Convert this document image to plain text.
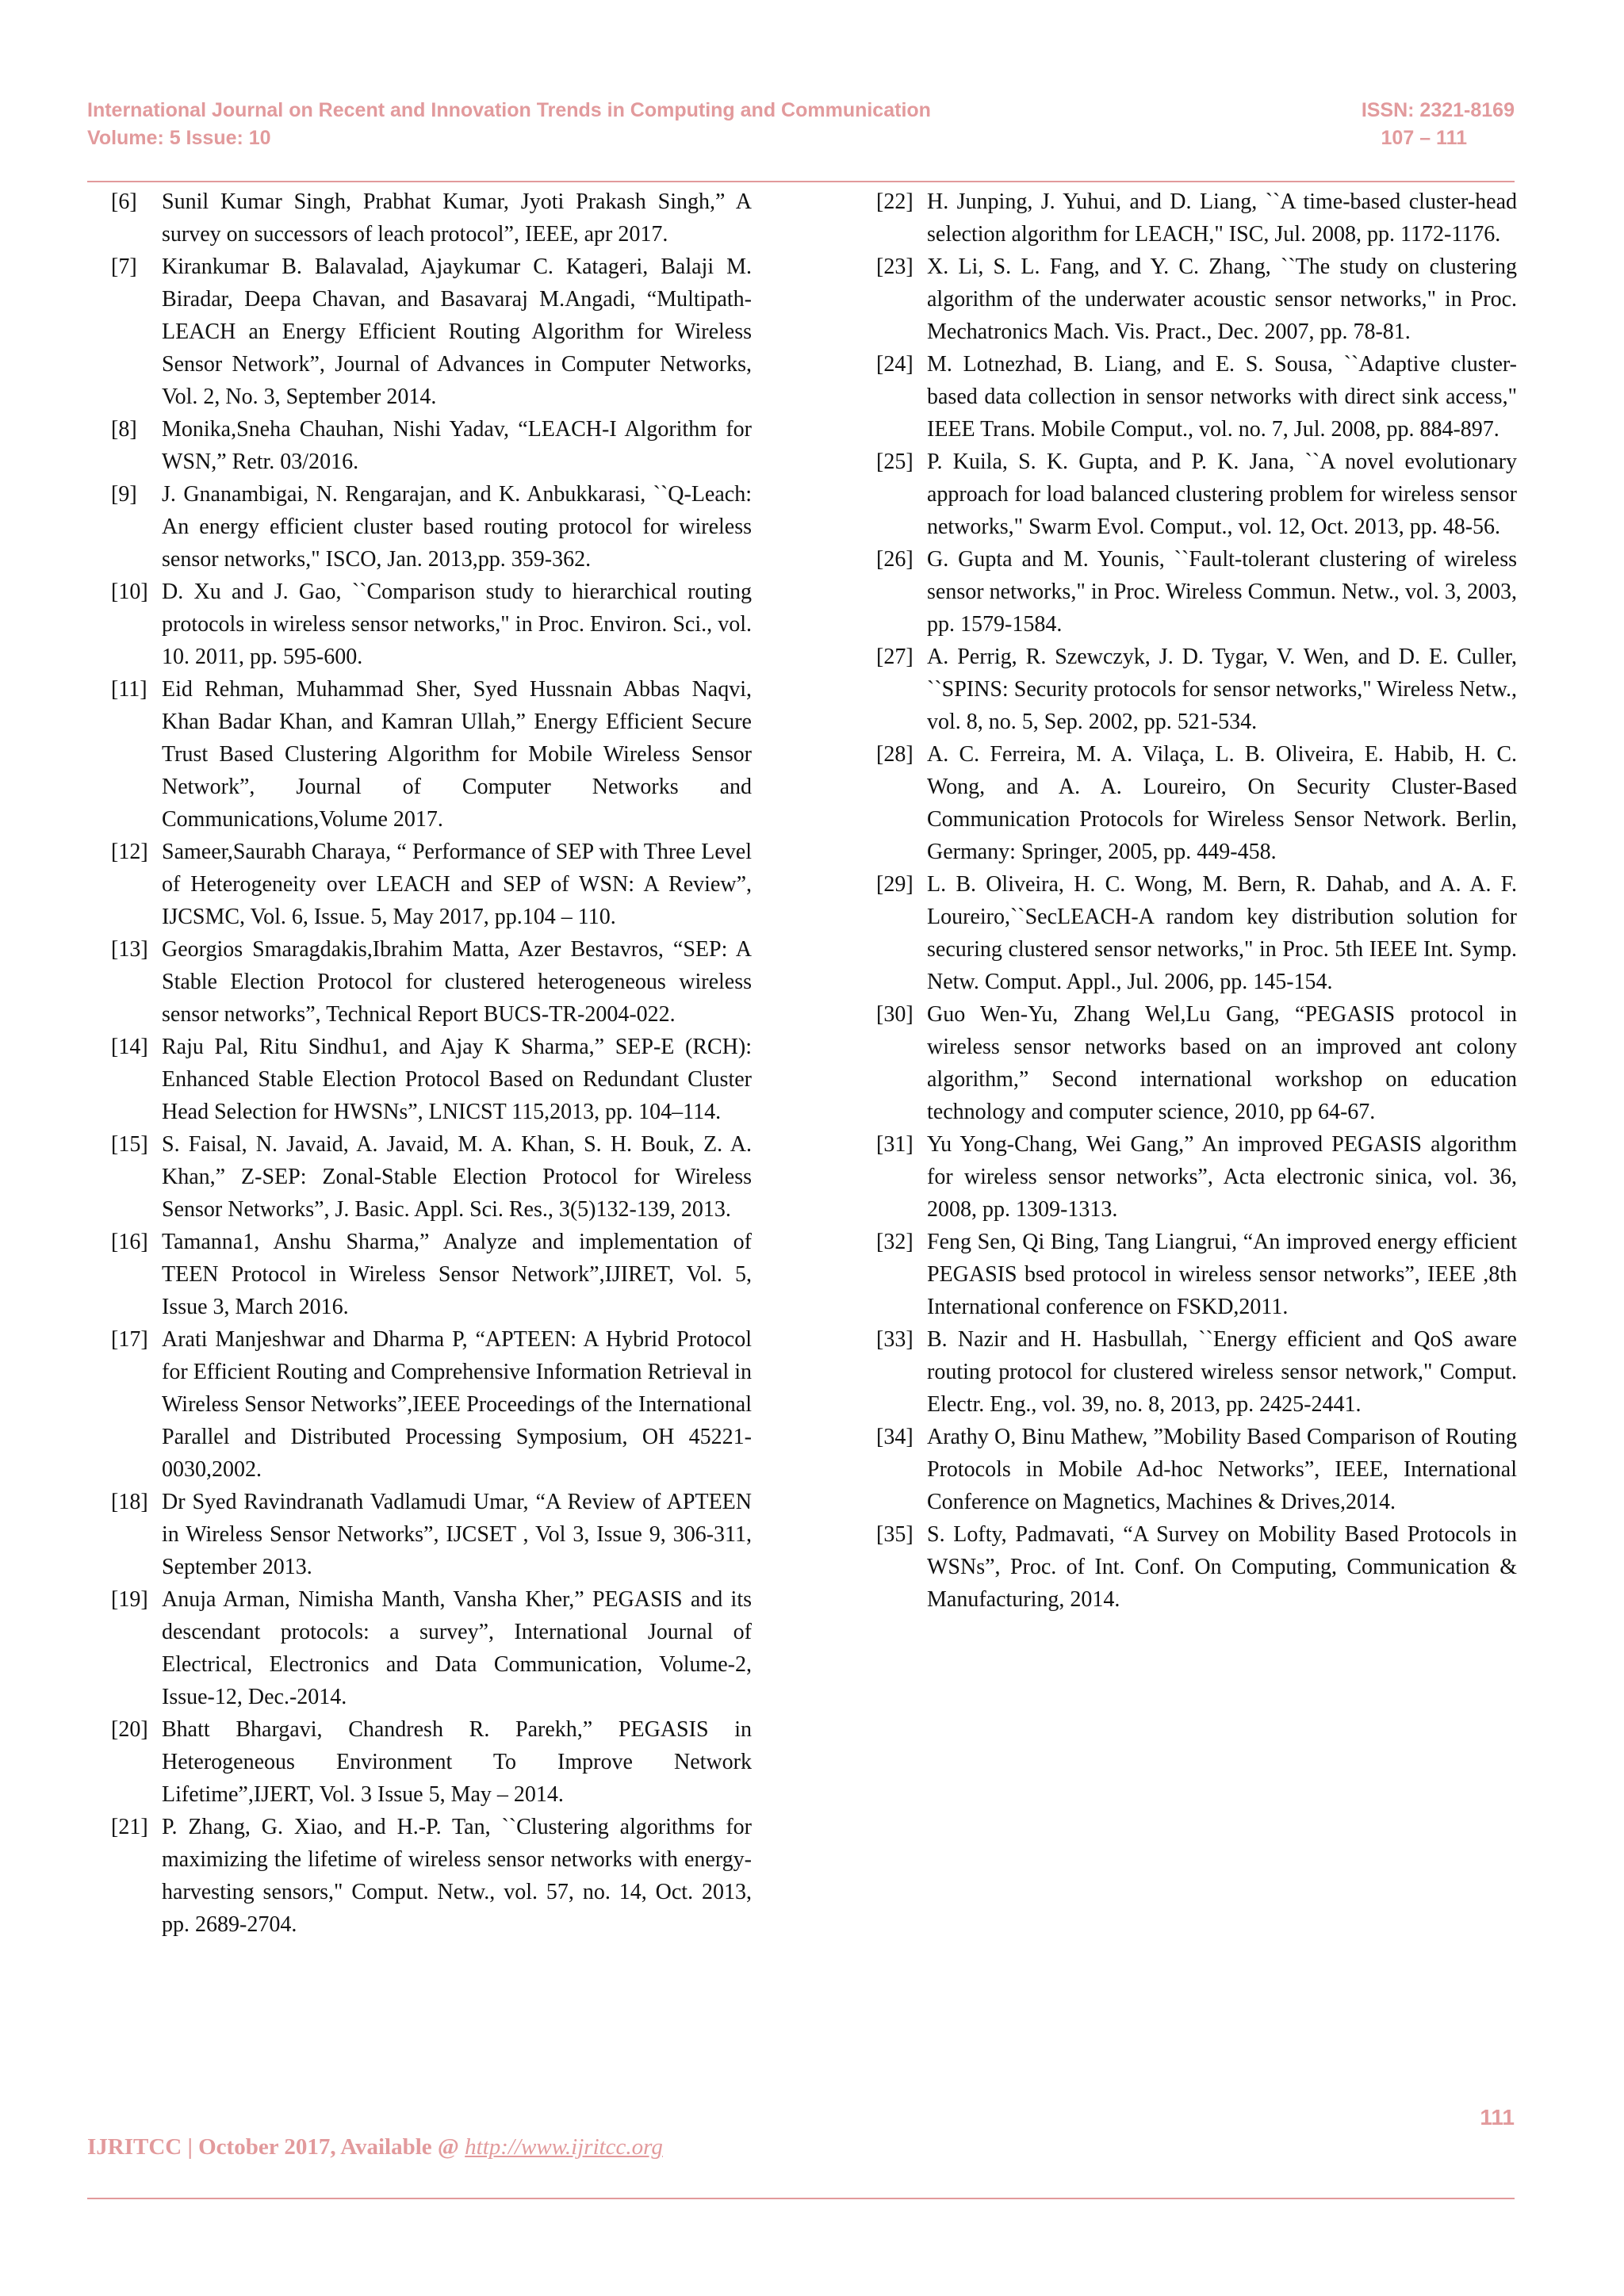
International Journal on Recent and Innovation Trends in Computing and Communication
Volume: 5 Issue: 10
ISSN: 2321-8169
107 – 111
[6] Sunil Kumar Singh, Prabhat Kumar, Jyoti Prakash Singh,” A survey on successors of leach protocol”, IEEE, apr 2017.
[7] Kirankumar B. Balavalad, Ajaykumar C. Katageri, Balaji M. Biradar, Deepa Chavan, and Basavaraj M.Angadi, “Multipath-LEACH an Energy Efficient Routing Algorithm for Wireless Sensor Network”, Journal of Advances in Computer Networks, Vol. 2, No. 3, September 2014.
[8] Monika,Sneha Chauhan, Nishi Yadav, “LEACH-I Algorithm for WSN,” Retr. 03/2016.
[9] J. Gnanambigai, N. Rengarajan, and K. Anbukkarasi, ``Q-Leach: An energy efficient cluster based routing protocol for wireless sensor networks," ISCO, Jan. 2013,pp. 359-362.
[10] D. Xu and J. Gao, ``Comparison study to hierarchical routing protocols in wireless sensor networks," in Proc. Environ. Sci., vol. 10. 2011, pp. 595-600.
[11] Eid Rehman, Muhammad Sher, Syed Hussnain Abbas Naqvi, Khan Badar Khan, and Kamran Ullah,” Energy Efficient Secure Trust Based Clustering Algorithm for Mobile Wireless Sensor Network”, Journal of Computer Networks and Communications,Volume 2017.
[12] Sameer,Saurabh Charaya, “ Performance of SEP with Three Level of Heterogeneity over LEACH and SEP of WSN: A Review”, IJCSMC, Vol. 6, Issue. 5, May 2017, pp.104 – 110.
[13] Georgios Smaragdakis,Ibrahim Matta, Azer Bestavros, “SEP: A Stable Election Protocol for clustered heterogeneous wireless sensor networks”, Technical Report BUCS-TR-2004-022.
[14] Raju Pal, Ritu Sindhu1, and Ajay K Sharma,” SEP-E (RCH): Enhanced Stable Election Protocol Based on Redundant Cluster Head Selection for HWSNs”, LNICST 115,2013, pp. 104–114.
[15] S. Faisal, N. Javaid, A. Javaid, M. A. Khan, S. H. Bouk, Z. A. Khan,” Z-SEP: Zonal-Stable Election Protocol for Wireless Sensor Networks”, J. Basic. Appl. Sci. Res., 3(5)132-139, 2013.
[16] Tamanna1, Anshu Sharma,” Analyze and implementation of TEEN Protocol in Wireless Sensor Network”,IJIRET, Vol. 5, Issue 3, March 2016.
[17] Arati Manjeshwar and Dharma P, “APTEEN: A Hybrid Protocol for Efficient Routing and Comprehensive Information Retrieval in Wireless Sensor Networks”,IEEE Proceedings of the International Parallel and Distributed Processing Symposium, OH 45221-0030,2002.
[18] Dr Syed Ravindranath Vadlamudi Umar, “A Review of APTEEN in Wireless Sensor Networks”, IJCSET , Vol 3, Issue 9, 306-311, September 2013.
[19] Anuja Arman, Nimisha Manth, Vansha Kher,” PEGASIS and its descendant protocols: a survey”, International Journal of Electrical, Electronics and Data Communication, Volume-2, Issue-12, Dec.-2014.
[20] Bhatt Bhargavi, Chandresh R. Parekh,” PEGASIS in Heterogeneous Environment To Improve Network Lifetime”,IJERT, Vol. 3 Issue 5, May – 2014.
[21] P. Zhang, G. Xiao, and H.-P. Tan, ``Clustering algorithms for maximizing the lifetime of wireless sensor networks with energy-harvesting sensors," Comput. Netw., vol. 57, no. 14, Oct. 2013, pp. 2689-2704.
[22] H. Junping, J. Yuhui, and D. Liang, ``A time-based cluster-head selection algorithm for LEACH," ISC, Jul. 2008, pp. 1172-1176.
[23] X. Li, S. L. Fang, and Y. C. Zhang, ``The study on clustering algorithm of the underwater acoustic sensor networks," in Proc. Mechatronics Mach. Vis. Pract., Dec. 2007, pp. 78-81.
[24] M. Lotnezhad, B. Liang, and E. S. Sousa, ``Adaptive cluster-based data collection in sensor networks with direct sink access," IEEE Trans. Mobile Comput., vol. no. 7, Jul. 2008, pp. 884-897.
[25] P. Kuila, S. K. Gupta, and P. K. Jana, ``A novel evolutionary approach for load balanced clustering problem for wireless sensor networks," Swarm Evol. Comput., vol. 12, Oct. 2013, pp. 48-56.
[26] G. Gupta and M. Younis, ``Fault-tolerant clustering of wireless sensor networks," in Proc. Wireless Commun. Netw., vol. 3, 2003, pp. 1579-1584.
[27] A. Perrig, R. Szewczyk, J. D. Tygar, V. Wen, and D. E. Culler, ``SPINS: Security protocols for sensor networks," Wireless Netw., vol. 8, no. 5, Sep. 2002, pp. 521-534.
[28] A. C. Ferreira, M. A. Vilaça, L. B. Oliveira, E. Habib, H. C. Wong, and A. A. Loureiro, On Security Cluster-Based Communication Protocols for Wireless Sensor Network. Berlin, Germany: Springer, 2005, pp. 449-458.
[29] L. B. Oliveira, H. C. Wong, M. Bern, R. Dahab, and A. A. F. Loureiro,``SecLEACH-A random key distribution solution for securing clustered sensor networks," in Proc. 5th IEEE Int. Symp. Netw. Comput. Appl., Jul. 2006, pp. 145-154.
[30] Guo Wen-Yu, Zhang Wel,Lu Gang, “PEGASIS protocol in wireless sensor networks based on an improved ant colony algorithm,” Second international workshop on education technology and computer science, 2010, pp 64-67.
[31] Yu Yong-Chang, Wei Gang,” An improved PEGASIS algorithm for wireless sensor networks”, Acta electronic sinica, vol. 36, 2008, pp. 1309-1313.
[32] Feng Sen, Qi Bing, Tang Liangrui, “An improved energy efficient PEGASIS bsed protocol in wireless sensor networks”, IEEE ,8th International conference on FSKD,2011.
[33] B. Nazir and H. Hasbullah, ``Energy efficient and QoS aware routing protocol for clustered wireless sensor network," Comput. Electr. Eng., vol. 39, no. 8, 2013, pp. 2425-2441.
[34] Arathy O, Binu Mathew, ”Mobility Based Comparison of Routing Protocols in Mobile Ad-hoc Networks”, IEEE, International Conference on Magnetics, Machines & Drives,2014.
[35] S. Lofty, Padmavati, “A Survey on Mobility Based Protocols in WSNs”, Proc. of Int. Conf. On Computing, Communication & Manufacturing, 2014.
111
IJRITCC | October 2017, Available @ http://www.ijritcc.org
